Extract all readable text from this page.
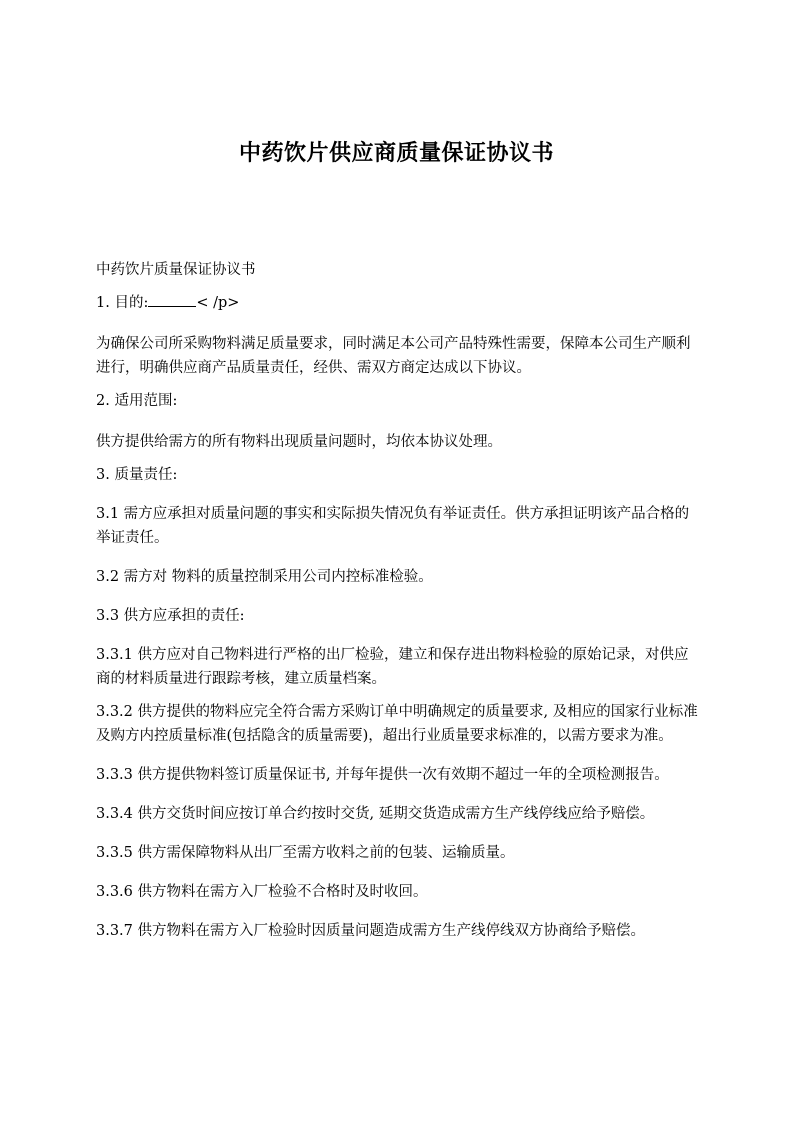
中药饮片供应商质量保证协议书

中药饮片质量保证协议书

1. 目的:	< /p>

为确保公司所采购物料满足质量要求，同时满足本公司产品特殊性需要，保障本公司生产顺利进行，明确供应商产品质量责任，经供、需双方商定达成以下协议。

2. 适用范围:

供方提供给需方的所有物料出现质量问题时，均依本协议处理。

3. 质量责任:

3.1 需方应承担对质量问题的事实和实际损失情况负有举证责任。供方承担证明该产品合格的举证责任。

3.2 需方对 物料的质量控制采用公司内控标准检验。

3.3 供方应承担的责任:

3.3.1 供方应对自己物料进行严格的出厂检验，建立和保存进出物料检验的原始记录，对供应商的材料质量进行跟踪考核，建立质量档案。

3.3.2 供方提供的物料应完全符合需方采购订单中明确规定的质量要求, 及相应的国家行业标准及购方内控质量标准(包括隐含的质量需要)，超出行业质量要求标准的，以需方要求为准。

3.3.3 供方提供物料签订质量保证书, 并每年提供一次有效期不超过一年的全项检测报告。

3.3.4 供方交货时间应按订单合约按时交货, 延期交货造成需方生产线停线应给予赔偿。

3.3.5 供方需保障物料从出厂至需方收料之前的包装、运输质量。

3.3.6 供方物料在需方入厂检验不合格时及时收回。

3.3.7 供方物料在需方入厂检验时因质量问题造成需方生产线停线双方协商给予赔偿。
